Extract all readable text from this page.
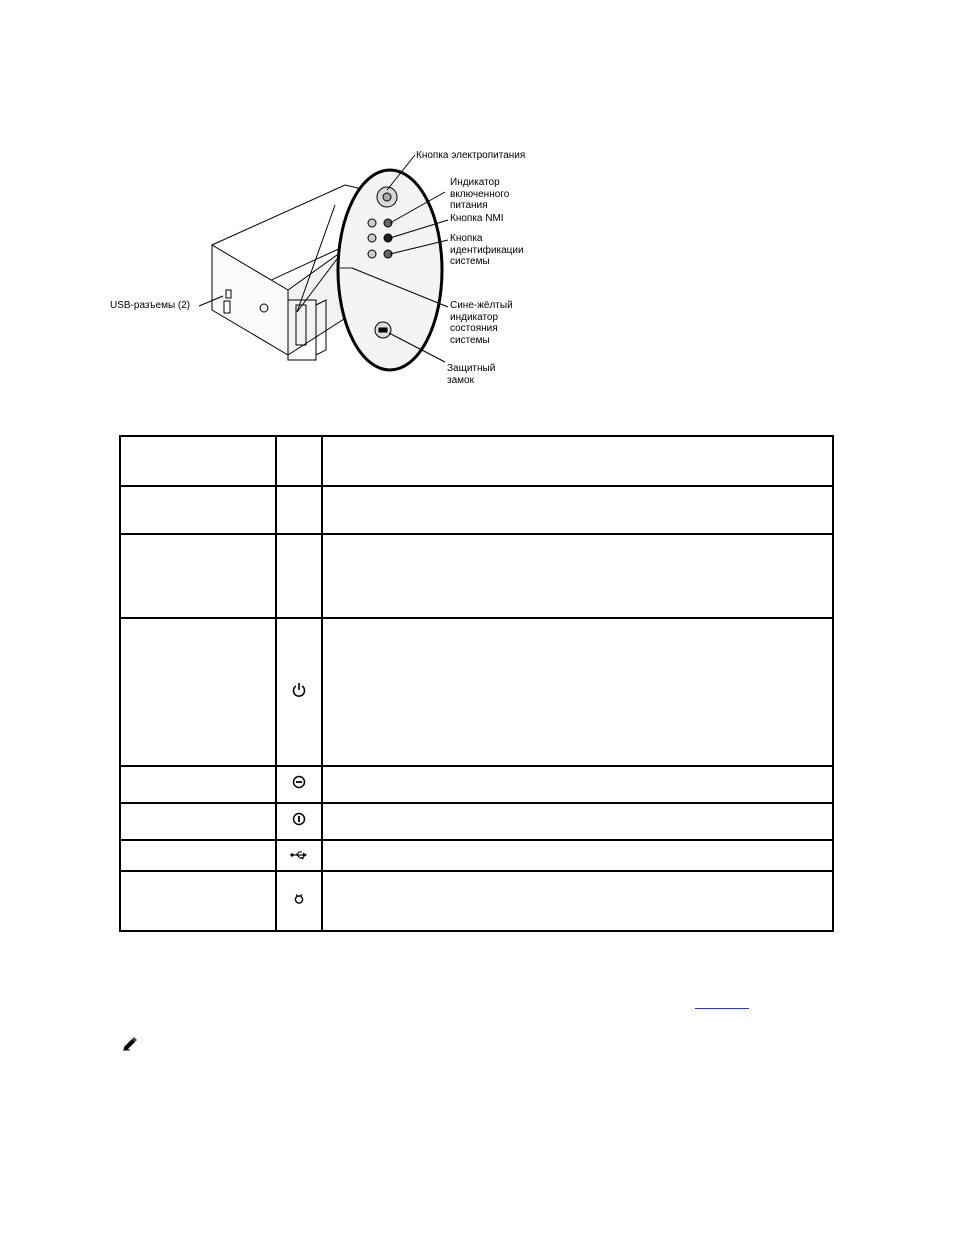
Кнопка электропитания
Индикатор
включенного
питания
Кнопка NMI
Кнопка
идентификации
системы
Сине-жёлтый
индикатор
состояния
системы
Защитный
замок
USB-разъемы (2)
